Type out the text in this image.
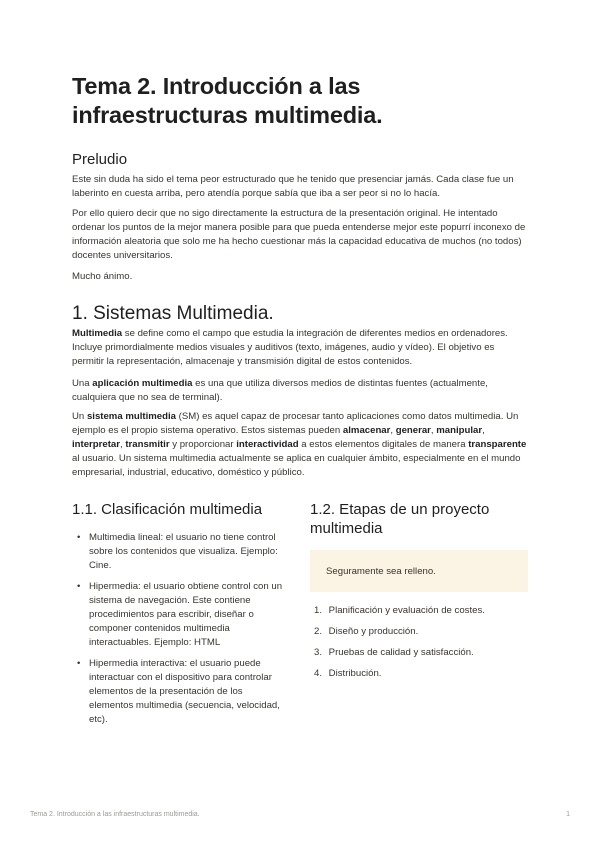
Tema 2. Introducción a las
infraestructuras multimedia.
Preludio

Este sin duda ha sido el tema peor estructurado que he tenido que presenciar jamás. Cada clase fue un laberinto en cuesta arriba, pero atendía porque sabía que iba a ser peor si no lo hacía.

Por ello quiero decir que no sigo directamente la estructura de la presentación original. He intentado ordenar los puntos de la mejor manera posible para que pueda entenderse mejor este popurrí inconexo de información aleatoria que solo me ha hecho cuestionar más la capacidad educativa de muchos (no todos) docentes universitarios.

Mucho ánimo.

1. Sistemas Multimedia.

Multimedia se define como el campo que estudia la integración de diferentes medios en ordenadores. Incluye primordialmente medios visuales y auditivos (texto, imágenes, audio y vídeo). El objetivo es permitir la representación, almacenaje y transmisión digital de estos contenidos.

Una aplicación multimedia es una que utiliza diversos medios de distintas fuentes (actualmente, cualquiera que no sea de terminal).

Un sistema multimedia (SM) es aquel capaz de procesar tanto aplicaciones como datos multimedia. Un ejemplo es el propio sistema operativo. Estos sistemas pueden almacenar, generar, manipular, interpretar, transmitir y proporcionar interactividad a estos elementos digitales de manera transparente al usuario. Un sistema multimedia actualmente se aplica en cualquier ámbito, especialmente en el mundo empresarial, industrial, educativo, doméstico y público.

1.1. Clasificación multimedia
• Multimedia lineal: el usuario no tiene control sobre los contenidos que visualiza. Ejemplo: Cine.
• Hipermedia: el usuario obtiene control con un sistema de navegación. Este contiene procedimientos para escribir, diseñar o componer contenidos multimedia interactuables. Ejemplo: HTML
• Hipermedia interactiva: el usuario puede interactuar con el dispositivo para controlar elementos de la presentación de los elementos multimedia (secuencia, velocidad, etc).
1.2. Etapas de un proyecto multimedia
Seguramente sea relleno.
1. Planificación y evaluación de costes.
2. Diseño y producción.
3. Pruebas de calidad y satisfacción.
4. Distribución.
Tema 2. Introducción a las infraestructuras multimedia.	1
